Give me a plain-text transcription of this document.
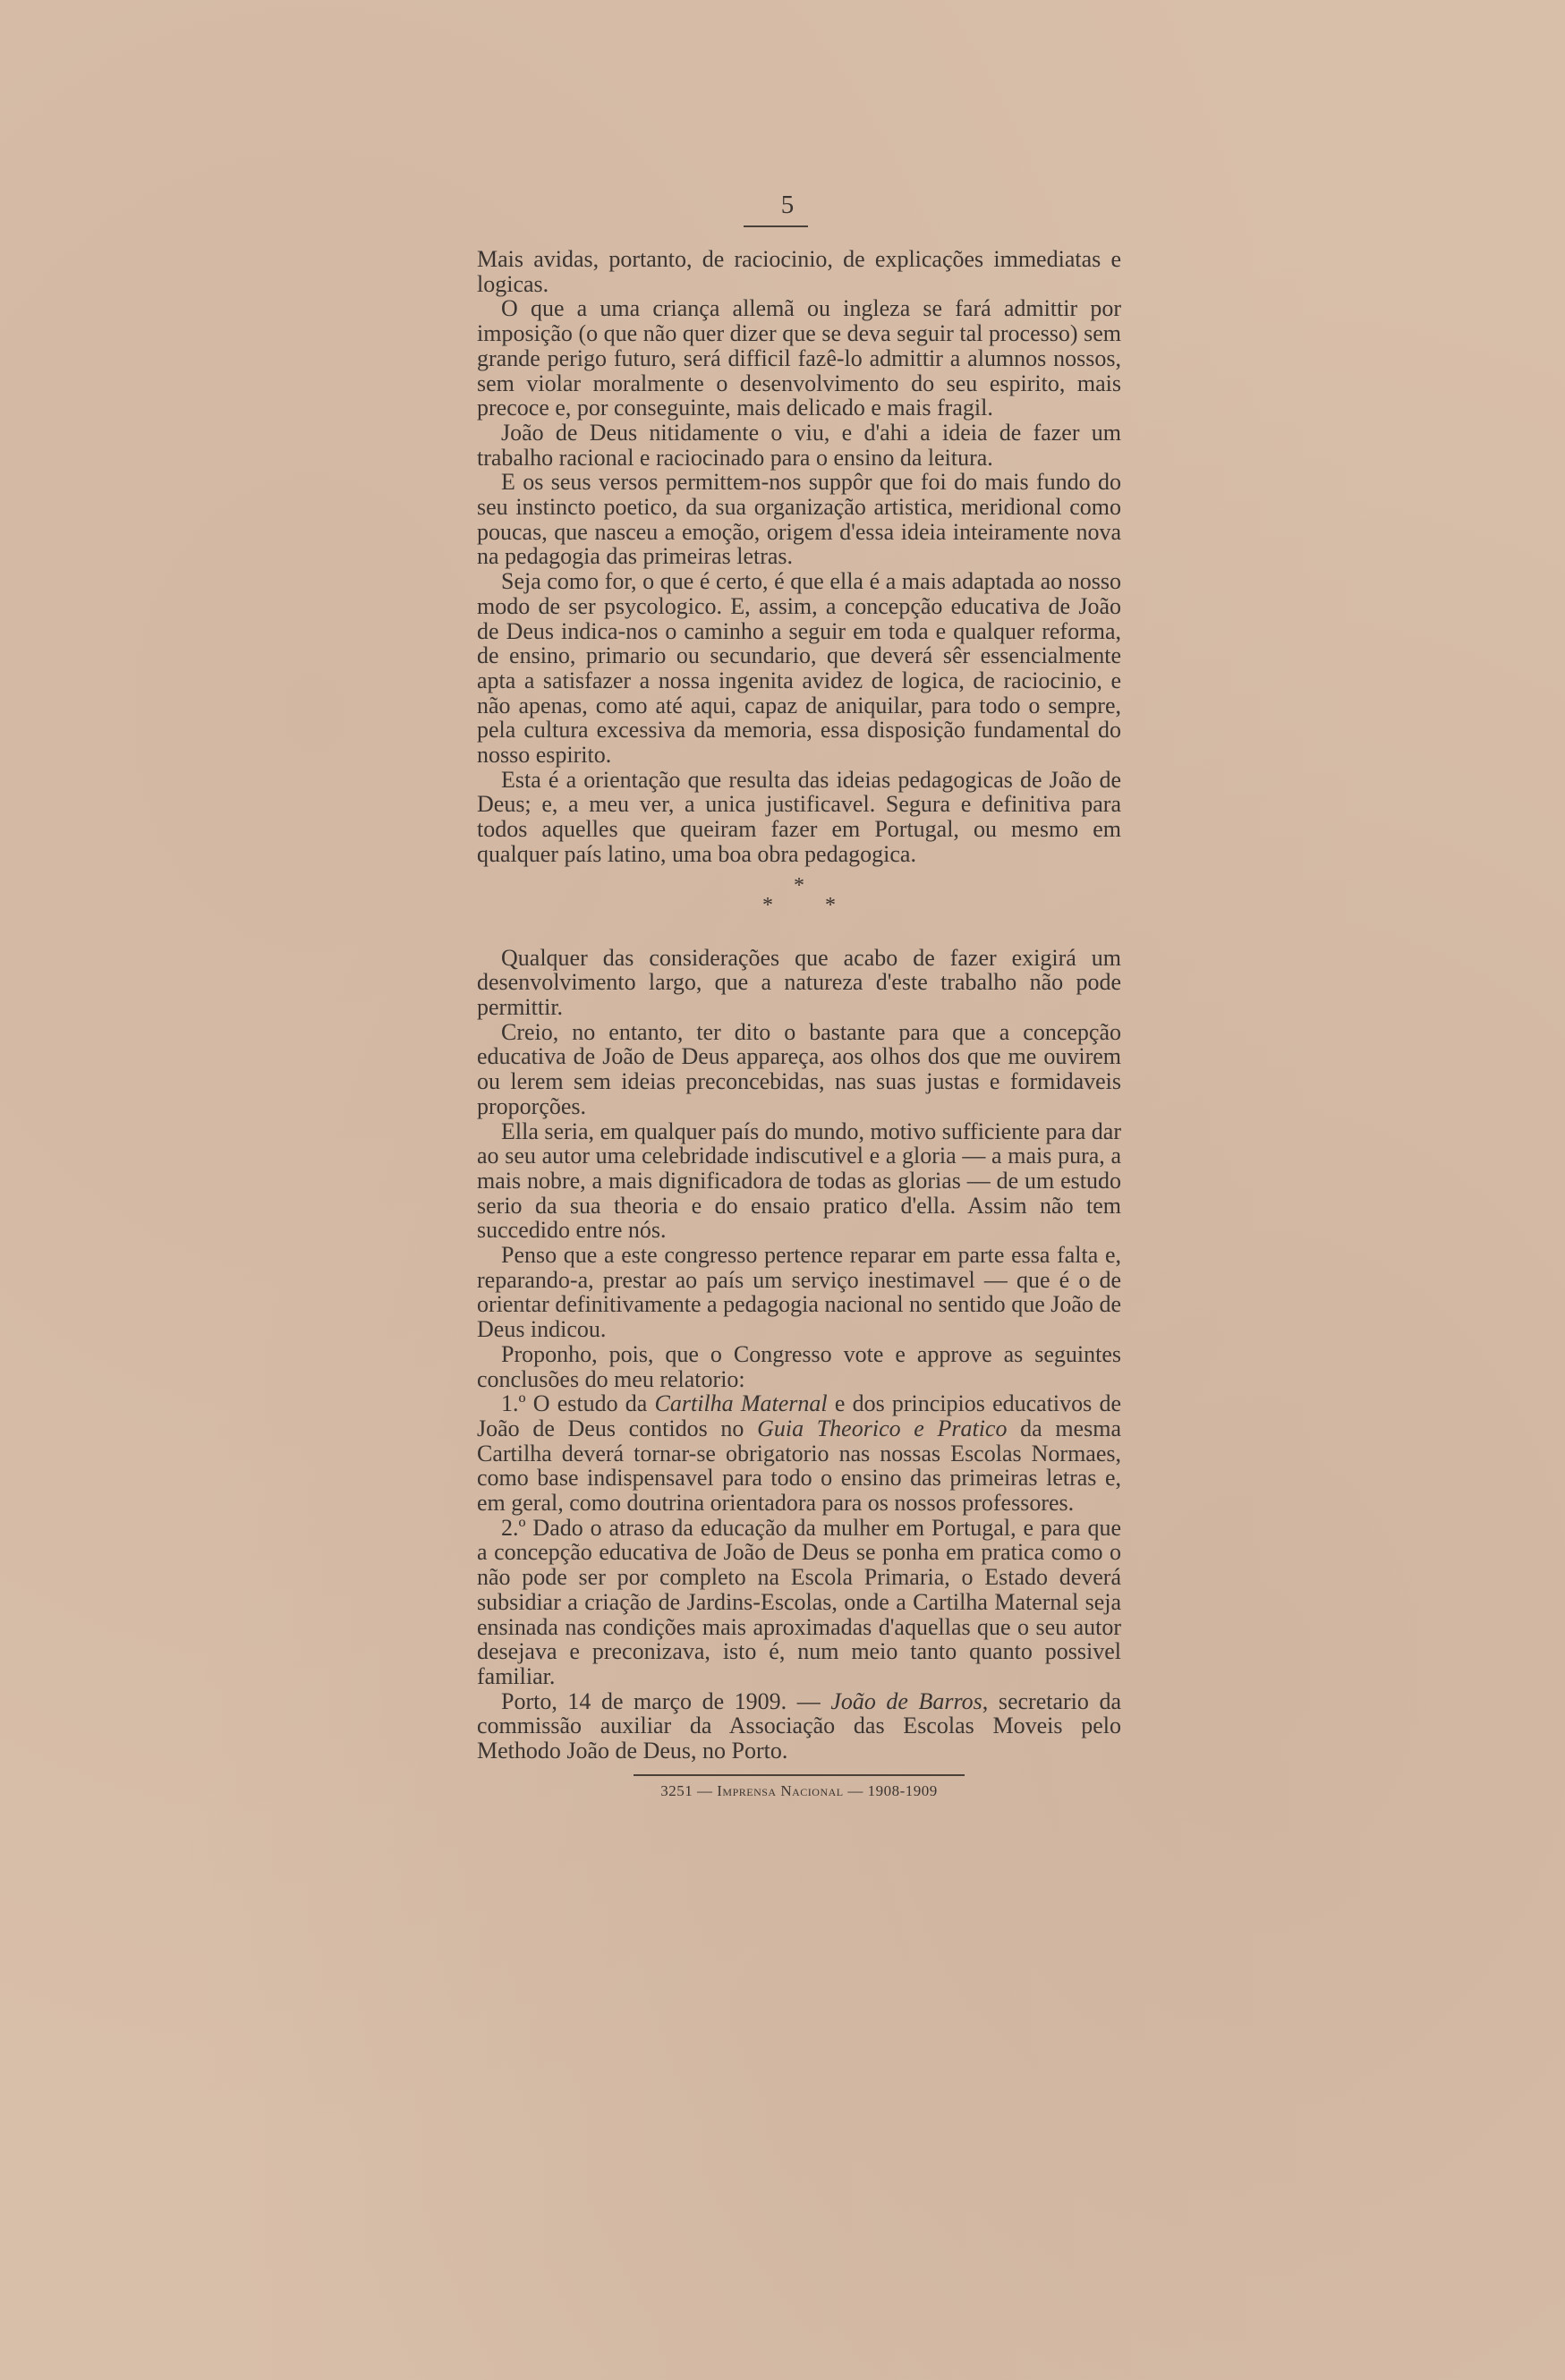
5

Mais avidas, portanto, de raciocinio, de explicações immediatas e logicas.

O que a uma criança allemã ou ingleza se fará admittir por imposição (o que não quer dizer que se deva seguir tal processo) sem grande perigo futuro, será difficil fazê-lo admittir a alumnos nossos, sem violar moralmente o desenvolvimento do seu espirito, mais precoce e, por conseguinte, mais delicado e mais fragil.

João de Deus nitidamente o viu, e d'ahi a ideia de fazer um trabalho racional e raciocinado para o ensino da leitura.

E os seus versos permittem-nos suppôr que foi do mais fundo do seu instincto poetico, da sua organização artistica, meridional como poucas, que nasceu a emoção, origem d'essa ideia inteiramente nova na pedagogia das primeiras letras.

Seja como for, o que é certo, é que ella é a mais adaptada ao nosso modo de ser psycologico. E, assim, a concepção educativa de João de Deus indica-nos o caminho a seguir em toda e qualquer reforma, de ensino, primario ou secundario, que deverá sêr essencialmente apta a satisfazer a nossa ingenita avidez de logica, de raciocinio, e não apenas, como até aqui, capaz de aniquilar, para todo o sempre, pela cultura excessiva da memoria, essa disposição fundamental do nosso espirito.

Esta é a orientação que resulta das ideias pedagogicas de João de Deus; e, a meu ver, a unica justificavel. Segura e definitiva para todos aquelles que queiram fazer em Portugal, ou mesmo em qualquer país latino, uma boa obra pedagogica.

*
* *

Qualquer das considerações que acabo de fazer exigirá um desenvolvimento largo, que a natureza d'este trabalho não pode permittir.

Creio, no entanto, ter dito o bastante para que a concepção educativa de João de Deus appareça, aos olhos dos que me ouvirem ou lerem sem ideias preconcebidas, nas suas justas e formidaveis proporções.

Ella seria, em qualquer país do mundo, motivo sufficiente para dar ao seu autor uma celebridade indiscutivel e a gloria — a mais pura, a mais nobre, a mais dignificadora de todas as glorias — de um estudo serio da sua theoria e do ensaio pratico d'ella. Assim não tem succedido entre nós.

Penso que a este congresso pertence reparar em parte essa falta e, reparando-a, prestar ao país um serviço inestimavel — que é o de orientar definitivamente a pedagogia nacional no sentido que João de Deus indicou.

Proponho, pois, que o Congresso vote e approve as seguintes conclusões do meu relatorio:

1.º O estudo da Cartilha Maternal e dos principios educativos de João de Deus contidos no Guia Theorico e Pratico da mesma Cartilha deverá tornar-se obrigatorio nas nossas Escolas Normaes, como base indispensavel para todo o ensino das primeiras letras e, em geral, como doutrina orientadora para os nossos professores.

2.º Dado o atraso da educação da mulher em Portugal, e para que a concepção educativa de João de Deus se ponha em pratica como o não pode ser por completo na Escola Primaria, o Estado deverá subsidiar a criação de Jardins-Escolas, onde a Cartilha Maternal seja ensinada nas condições mais aproximadas d'aquellas que o seu autor desejava e preconizava, isto é, num meio tanto quanto possivel familiar.

Porto, 14 de março de 1909. — João de Barros, secretario da commissão auxiliar da Associação das Escolas Moveis pelo Methodo João de Deus, no Porto.

3251 — Imprensa Nacional — 1908-1909
